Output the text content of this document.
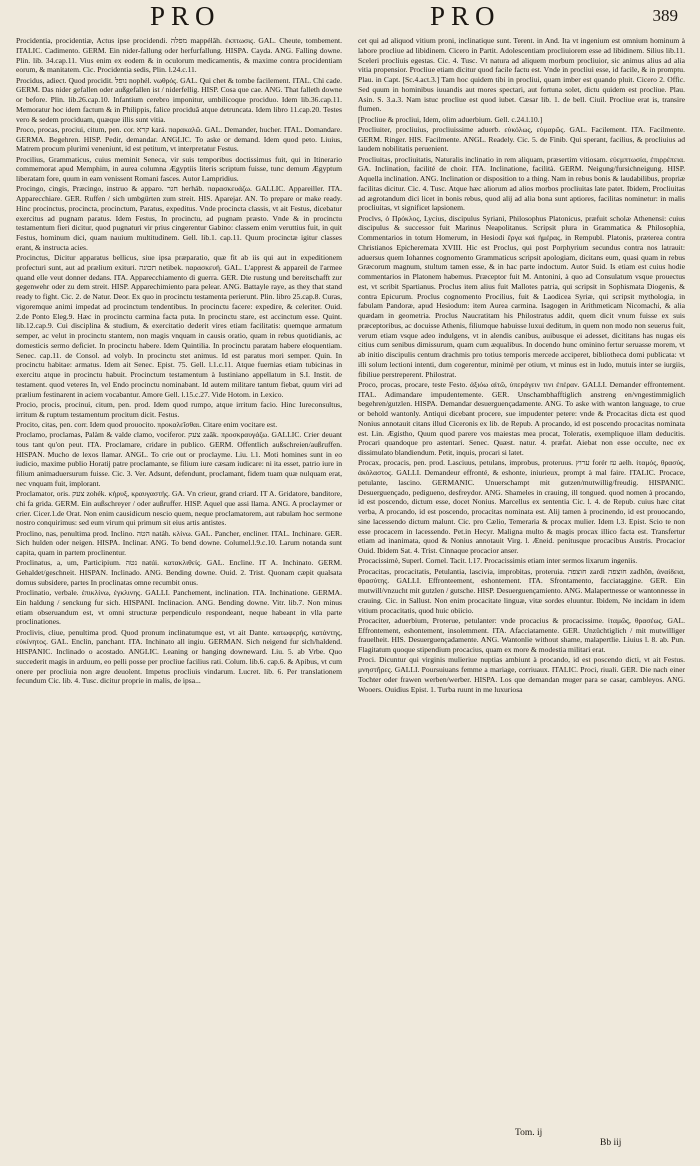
PRO	PRO	389

Procidentia, procidentiæ, Actus ipse procidendi. מפלה mappélâh. ἐκπτωσις. GAL. Cheute, tombement. ITALIC. Cadimento. GERM. Ein nider-fallung oder herfurfallung. HISPA. Cayda. ANG. Falling downe. Plin. lib. 34.cap.11. Vius enim ex eodem & in oculorum medicamentis, & maxime contra procidentiam eorum, & manitatem. Cic. Procidentia sedis, Plin. l.24.c.11.

Procidus, adiect. Quod procidit. נופל nophél. νωθρός. GAL. Qui chet & tombe facilement. ITAL. Chi cade. GERM. Das nider gefallen oder außgefallen ist / niderfellig. HISP. Cosa que cae. ANG. That falleth downe or before. Plin. lib.26.cap.10. Infantium cerebro imponitur, umbilicoque prociduo. Idem lib.36.cap.11. Memoratur hoc idem factum & in Philippis, falice prociduâ atque detruncata. Idem libro 11.cap.20. Testes vero & sedem prociduam, quæque illis sunt vitia.

Proco, procas, prociui, citum, pen. cor. קרא kará. παρακαλῶ. GAL. Demander, hucher. ITAL. Domandare. GERMA. Begehren. HISP. Pedir, demandar. ANGLIC. To aske or demand. Idem quod peto. Liuius, Matrem procum plurimi veneniunt, id est petitum, vt interpretatur Festus.

Procilius, Grammaticus, cuius meminit Seneca, vir suis temporibus doctissimus fuit, qui in Itinerario commemorat apud Memphim, in aurea columna Ægyptiis literis scriptum fuisse, tunc demum Ægyptum liberatam fore, quum in eam venissent Romani fasces. Autor Lampridius.

Procingo, cingis, Præcingo, instruo & apparo. חגר herháb. παρασκευάζω. GALLIC. Appareiller. ITA. Apparecchiare. GER. Ruffen / sich umbgürten zum streit. HIS. Aparejar. AN. To prepare or make ready. Hinc procinctus, procincta, procinctum, Paratus, expeditus. Vnde procincta classis, vt ait Festus, dicebatur exercitus ad pugnam paratus. Idem Festus, In procinctu, ad pugnam præsto. Vnde & in procinctu testamentum fieri dicitur, quod pugnaturi vir prius cingerentur Gabino: classem enim veruttius fuit, in quit Festus, hominum dici, quam nauium multitudinem. Gell. lib.1. cap.11. Quum procinctæ igitur classes erant, & instructa acies.

Procinctus, Dicitur apparatus bellicus, siue ipsa præparatio, quæ fit ab iis qui aut in expeditionem profecturi sunt, aut ad prælium exituri. תכונה netibek. παρασκευή. GAL. L'apprest & appareil de l'armee quand elle veut donner dedans. ITA. Apparecchiamento di guerra. GER. Die rustung und bereitschafft zur gegenwehr oder zu dem streit. HISP. Apparechimiento para pelear. ANG. Battayle raye, as they that stand ready to fight. Cic. 2. de Natur. Deor. Ex quo in procinctu testamenta perierunt. Plin. libro 25.cap.8. Curas, vigoremque animi impedat ad procinctum tendentibus. In procinctu facere: expedire, & celeriter. Ouid. 2.de Ponto Eleg.9. Hæc in procinctu carmina facta puta. In procinctu stare, est accinctum esse. Quint. lib.12.cap.9. Cui disciplina & studium, & exercitatio dederit vires etiam facilitatis: quemque armatum semper, ac velut in procinctu stantem, non magis vnquam in causis oratio, quam in rebus quotidianis, ac domesticis sermo deficiet. In procinctu habere. Idem Quintilia. In procinctu paratam habere eloquentiam. Senec. cap.11. de Consol. ad volyb. In procinctu stet animus. Id est paratus mori semper. Quin. In procinctu habitae: armatus. Idem ait Senec. Epist. 75. Gell. l.1.c.11. Atque fuernias etiam tubicinas in exercitu atque in procinctu habuit. Procinctum testamentum à Iustiniano appellatum in S.I. Instit. de testament. quod veteres In, vel Endo procinctu nominabant. Id autem militare tantum fiebat, quum viri ad prælium festinarent in aciem vocabantur. Amore Gell. l.15.c.27. Vide Hotom. in Lexico.

Procio, procis, procinui, citum, pen. prod. Idem quod rumpo, atque irritum facio. Hinc Iureconsultus, irritum & ruptum testamentum procitum dicit. Festus.

Procito, citas, pen. corr. Idem quod prouocito. προκαλεῖσθαι. Citare enim vocitare est.

Proclamo, proclamas, Palàm & valde clamo, vociferor. צעק zaâk. προσκραυγάζω. GALLIC. Crier deuant tous tant qu'on peut. ITA. Proclamare, cridare in publico. GERM. Offentlich außschreien/außruffen. HISPAN. Mucho de lexos llamar. ANGL. To crie out or proclayme. Liu. l.1. Moti homines sunt in eo iudicio, maxime publio Horatij patre proclamante, se filium iure cæsam iudicare: ni ita esset, patrio iure in filium animaduersurum fuisse. Cic. 3. Ver. Adsunt, defendunt, proclamant, fidem tuam quæ nulquam erat, nec vnquam fuit, implorant.

Proclamator, oris. צעק zohék. κήρυξ, κραυγαστής. GA. Vn crieur, grand criard. IT A. Gridatore, banditore, chi fa grida. GERM. Ein außschreyer / oder außruffer. HISP. Aquel que assi llama. ANG. A proclaymer or crier. Cicer.1.de Orat. Non enim causidicum nescio quem, neque proclamatorem, aut rabulam hoc sermone nostro conquirimus: sed eum virum qui primum sit eius artis antistes.

Proclino, nas, penultima prod. Inclino. הטה natáh. κλίνω. GAL. Pancher, encliner. ITAL. Inchinare. GER. Sich hulden oder neigen. HISPA. Inclinar. ANG. To bend downe. Columel.l.9.c.10. Larum notanda sunt capita, quam in partem proclinentur.

Proclinatus, a, um, Participium. נטה natúi. κατακλιθείς. GAL. Encline. IT A. Inchinato. GERM. Gehaldet/geschneit. HISPAN. Inclinado. ANG. Bending downe. Ouid. 2. Trist. Quonam cæpit qualsata domus subsidere, partes In proclinatas omne recumbit onus.

Proclinatio, verbale. ἐπικλίνω, ἐγκλινης. GALLI. Panchement, inclination. ITA. Inchinatione. GERMA. Ein haldung / senckung fur sich. HISPANI. Inclinacion. ANG. Bending downe. Vitr. lib.7. Non minus etiam obseruandum est, vt omni structuræ perpendiculo respondeant, neque habeant in vlla parte proclinationes.

Proclivis, cliue, penultima prod. Quod pronum inclinatumque est, vt ait Dante. κατωφερής, κατάντης, εὐκίνητος. GAL. Enclin, panchant. ITA. Inchinato all ingiu. GERMAN. Sich neigend fur sich/haldend. HISPANIC. Inclinado o acostado. ANGLIC. Leaning or hanging downeward. Liu. 5. ab Vrbe. Quo succederit magis in arduum, eo pelli posse per procliue facilius rati. Colum. lib.6. cap.6. & Apibus, vt cum onere per procliuia non ægre deuolent. Impetus procliuis vindarum. Lucret. lib. 6. Per translationem fecundum Cic. lib. 4. Tusc. dicitur proprie in malis, de ipsa...

cet qui ad aliquod vitium proni, inclinatique sunt. Terent. in And. Ita vt ingenium est omnium hominum à labore procliue ad libidinem. Cicero in Partit. Adolescentiam procliuiorem esse ad libidinem. Silius lib.11. Sceleri procliuis egestas. Cic. 4. Tusc. Vt natura ad aliquem morbum procliuior, sic animus alius ad alia vitia propensior. Procliue etiam dicitur quod facile factu est. Vnde in procliui esse, id facile, & in promptu. Plau. in Capt. [Sc.4.act.3.] Tam hoc quidem tibi in procliui, quam imber est quando pluit. Cicero 2. Offic. Sed quum in hominibus iuuandis aut mores spectari, aut fortuna solet, dictu quidem est procliue. Plau. Asin. S. 3.a.3. Nam istuc procliue est quod iubet. Cæsar lib. 1. de bell. Ciuil. Procliue erat is, transire flumen.

[Procliue & procliui, Idem, olim aduerbium. Gell. c.24.l.10.]

Procliuiter, procliuius, procliuissime aduerb. εὐκόλως, εὐμαρῶς. GAL. Facilement. ITA. Facilmente. GERM. Ringer. HIS. Facilmente. ANGL. Readely. Cic. 5. de Finib. Qui sperant, facilius, & procliuius ad laudem nobilitatis peruenient.

Procliuitas, procliuitatis, Naturalis inclinatio in rem aliquam, præsertim vitiosam. εὐεμπτωσία, ἐπιρρέπεια. GA. Inclination, facilité de choir. ITA. Inclinatione, facilità. GERM. Neigung/fursichneigung. HISP. Aquella inclination. ANG. Inclination or disposition to a thing. Nam in rebus bonis & laudabilibus, propriæ facilitas dicitur. Cic. 4. Tusc. Atque hæc aliorum ad alios morbos procliuitas late patet. Ibidem, Procliuitas ad ægrotandum dici licet in bonis rebus, quod alij ad alia bona sunt aptiores, facilitas nominetur: in malis procliuitas, vt significet lapsionem.

Proclvs, ὁ Πρόκλος, Lycius, discipulus Syriani, Philosophus Platonicus, præfuit scholæ Athenensi: cuius discipulus & successor fuit Marinus Neapolitanus. Scripsit plura in Grammatica & Philosophia, Commentarios in totum Homerum, in Hesiodi ἔργα καὶ ἡμέρας, in Rempubl. Platonis, præterea contra Christianos Epicheremata XVIII. Hic est Proclus, qui post Porphyrium secundus contra nos latrauit: aduersus quem Iohannes cognomento Grammaticus scripsit apologiam, dicitans eum, quasi quam in rebus Græcorum magnum, stultum tamen esse, & in hac parte indoctum. Autor Suid. Is etiam est cuius hodie commentarios in Platonem habemus. Præceptor fuit M. Antonini, à quo ad Consulatum vsque prouectus est, vt scribit Spartianus. Proclus item alius fuit Mallotes patria, qui scripsit in Sophismata Diogenis, & contra Epicurum. Proclus cognomento Procilius, fuit & Laodicea Syriæ, qui scripsit mythologia, in fabulam Pandoræ, apud Hesiodum: item Aurea carmina. Isagogen in Arithmeticam Nicomachi, & alia quædam in geometria. Proclus Naucratitam his Philostratus addit, quem dicit vnum fuisse ex suis præceptoribus, ac docuisse Athenis, filiumque habuisse luxui deditum, in quem non modo non seuerus fuit, verum etiam vsque adeo indulgens, vt in alendis canibus, auibusque ei adesset, dicititans has nugas eis citius cum senibus dimissurum, quam cum æqualibus. In docendo hunc ominino fertur seruasse morem, vt ab initio discipulis centum drachmis pro totius temporis mercede acciperet, bibliotheca domi publicata: vt illi solum lectioni intenti, dum cogerentur, minimè per otium, vt minus est in ludo, mutuis inter se iurgiis, fibiliue perstreperent. Philostrat.

Proco, procas, procare, teste Festo. ἀξιόω αἰτῶ, ὑπεράγειν τινι ἐπέραν. GALLI. Demander effrontement. ITAL. Adimandare impudentemente. GER. Unschambhafftiglich anstreng en/vngestimmiglich begehren/gutzlen. HISPA. Demandar desuerguençadamente. ANG. To aske with wanton language, to crue or behold wantonly. Antiqui dicebant procere, sue impudenter petere: vnde & Procacitas dicta est quod Nonius annotauit citans illud Ciceronis ex lib. de Repub. A procando, id est poscendo procacitas nominata est. Lin. Ægistho, Quum quod parere vos maiestas mea procat, Toleratis, exempliquoe illam deducitis. Procari quandoque pro astentari. Senec. Quæst. natur. 4. præfat. Aiebat non esse occulte, nec ex dissimulato blandiendum. Petit, inquis, procari si latet.

Procax, procacis, pen. prod. Lasciuus, petulans, improbus, proteruus. ערוץ forér עז aelh. ἰταμός, θρασύς, ἀκόλαστος. GALLI. Demandeur effronté, & eshonte, iniurieux, prompt à mal faire. ITALIC. Procace, petulante, lascino. GERMANIC. Unuerschampt mit gutzen/mutwillig/freudig. HISPANIC. Desuerguençado, pedigueno, desfreydor. ANG. Shameles in crauing, ill tongued. quod nomen à procando, id est poscendo, dictum esse, docet Nonius. Marcellus ex sententia Cic. l. 4. de Repub. cuius hæc citat verba, A procando, id est poscendo, procacitas nominata est. Alij tamen à procinendo, id est prouocando, sine lacessendo dictum malunt. Cic. pro Cælio, Temeraria & procax mulier. Idem l.3. Epist. Scio te non esse procacem in lacessendo. Pet.in Hecyr. Maligna multo & magis procax illico facta est. Transfertur etiam ad inanimata, quod & Nonius annotauit Virg. l. Æneid. penitusque procacibus Austris. Procacior Ouid. Ibidem Sat. 4. Trist. Cinnaque procacior anser.

Procacissimè, Superl. Cornel. Tacit. l.17. Procacissimis etiam inter sermos lixarum ingeniis.

Procacitas, procacitatis, Petulantia, lascivia, improbitas, proteruia. חוצפה zardi חוצפה zadhôn, ἀναίδεια, θρασύτης. GALLI. Effronteement, eshontement. ITA. Sfrontamento, facciataggine. GER. Ein mutwill/vnzucht mit gutzlen / gutsche. HISP. Desuerguençamiento. ANG. Malapertnesse or wantonnesse in crauing. Cic. in Sallust. Non enim procacitate linguæ, vitæ sordes eluuntur. Ibidem, Ne incidam in idem vitium procacitatis, quod huic obiicio.

Procaciter, aduerbium, Proterue, petulanter: vnde procacius & procacissime. ἰταμῶς, θρασέως. GAL. Effrontement, eshontement, insolemment. ITA. Afacciatamente. GER. Unzüchtiglich / mit mutwilliger frauelheit. HIS. Desuerguençadamente. ANG. Wantonlie without shame, malapertlie. Liuius l. 8. ab. Pun. Flagitatum quoque stipendium procacius, quam ex more & modestia militari erat.

Proci. Dicuntur qui virginis mulieriue nuptias ambiunt à procando, id est poscendo dicti, vt ait Festus. μνηστῆρες. GALLI. Poursuiuans femme a mariage, corriuaux. ITALIC. Proci, riuali. GER. Die nach einer Tochter oder frawen werben/werber. HISPA. Los que demandan muger para se casar, cambleyos. ANG. Wooers. Ouidius Epist. 1. Turba ruunt in me luxuriosa

Tom. ij
Bb iij
